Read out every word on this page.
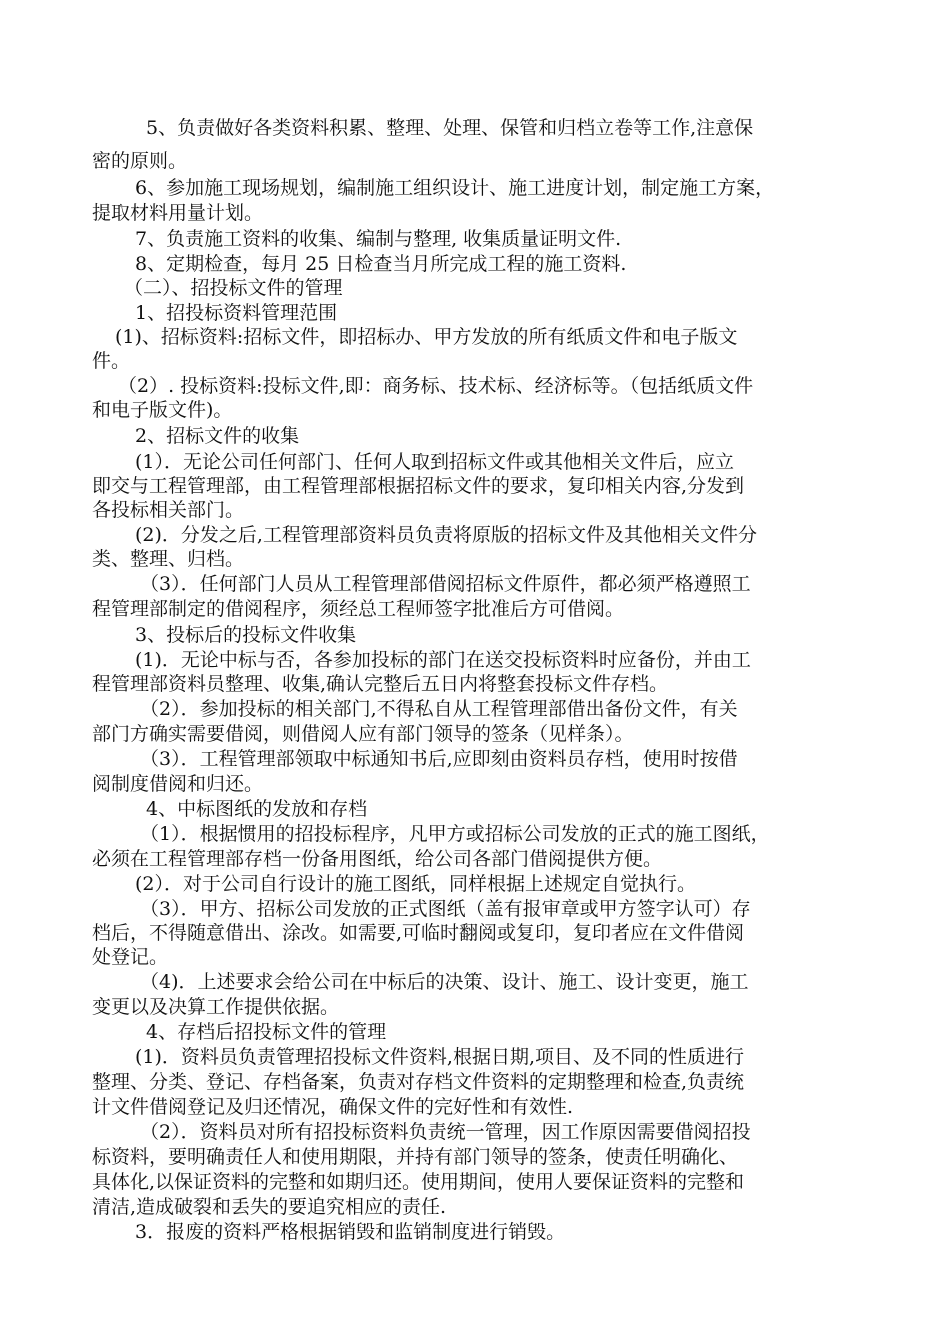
5、负责做好各类资料积累、整理、处理、保管和归档立卷等工作,注意保
密的原则。
6、参加施工现场规划，编制施工组织设计、施工进度计划，制定施工方案，
提取材料用量计划。
7、负责施工资料的收集、编制与整理, 收集质量证明文件.
8、定期检查，每月 25 日检查当月所完成工程的施工资料.
（二）、招投标文件的管理
1、招投标资料管理范围
(1)、招标资料:招标文件，即招标办、甲方发放的所有纸质文件和电子版文
件。
（2）. 投标资料:投标文件,即：商务标、技术标、经济标等。（包括纸质文件
和电子版文件)。
2、招标文件的收集
(1）．无论公司任何部门、任何人取到招标文件或其他相关文件后，应立
即交与工程管理部，由工程管理部根据招标文件的要求，复印相关内容,分发到
各投标相关部门。
(2)．分发之后,工程管理部资料员负责将原版的招标文件及其他相关文件分
类、整理、归档。
（3）．任何部门人员从工程管理部借阅招标文件原件，都必须严格遵照工
程管理部制定的借阅程序，须经总工程师签字批准后方可借阅。
3、投标后的投标文件收集
(1)．无论中标与否，各参加投标的部门在送交投标资料时应备份，并由工
程管理部资料员整理、收集,确认完整后五日内将整套投标文件存档。
（2）．参加投标的相关部门,不得私自从工程管理部借出备份文件，有关
部门方确实需要借阅，则借阅人应有部门领导的签条（见样条）。
（3）．工程管理部领取中标通知书后,应即刻由资料员存档，使用时按借
阅制度借阅和归还。
4、中标图纸的发放和存档
（1）．根据惯用的招投标程序，凡甲方或招标公司发放的正式的施工图纸，
必须在工程管理部存档一份备用图纸，给公司各部门借阅提供方便。
(2）．对于公司自行设计的施工图纸，同样根据上述规定自觉执行。
（3）．甲方、招标公司发放的正式图纸（盖有报审章或甲方签字认可）存
档后，不得随意借出、涂改。如需要,可临时翻阅或复印，复印者应在文件借阅
处登记。
（4)．上述要求会给公司在中标后的决策、设计、施工、设计变更，施工
变更以及决算工作提供依据。
4、存档后招投标文件的管理
(1)．资料员负责管理招投标文件资料,根据日期,项目、及不同的性质进行
整理、分类、登记、存档备案，负责对存档文件资料的定期整理和检查,负责统
计文件借阅登记及归还情况，确保文件的完好性和有效性.
（2）．资料员对所有招投标资料负责统一管理，因工作原因需要借阅招投
标资料，要明确责任人和使用期限，并持有部门领导的签条，使责任明确化、
具体化,以保证资料的完整和如期归还。使用期间，使用人要保证资料的完整和
清洁,造成破裂和丢失的要追究相应的责任.
3．报废的资料严格根据销毁和监销制度进行销毁。
